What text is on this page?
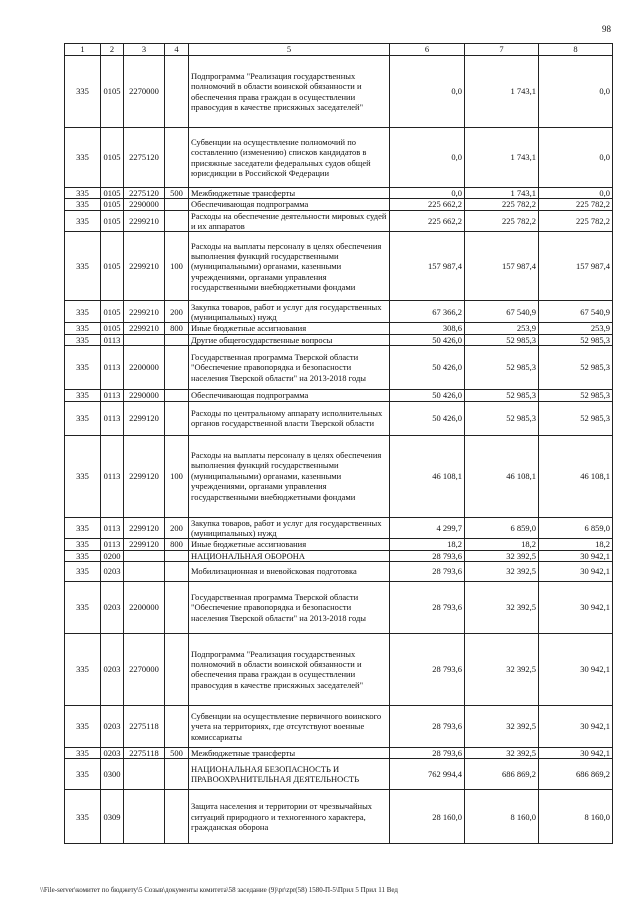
98
1	2	3	4	5	6	7	8
335	0105	2270000		Подпрограмма "Реализация государственных полномочий в области воинской обязанности и обеспечения права граждан в осуществлении правосудия в качестве присяжных заседателей"	0,0	1 743,1	0,0
335	0105	2275120		Субвенции на осуществление полномочий по составлению (изменению) списков кандидатов в присяжные заседатели федеральных судов общей юрисдикции в Российской Федерации	0,0	1 743,1	0,0
335	0105	2275120	500	Межбюджетные трансферты	0,0	1 743,1	0,0
335	0105	2290000		Обеспечивающая подпрограмма	225 662,2	225 782,2	225 782,2
335	0105	2299210		Расходы на обеспечение деятельности мировых судей и их аппаратов	225 662,2	225 782,2	225 782,2
335	0105	2299210	100	Расходы на выплаты персоналу в целях обеспечения выполнения функций государственными (муниципальными) органами, казенными учреждениями, органами управления государственными внебюджетными фондами	157 987,4	157 987,4	157 987,4
335	0105	2299210	200	Закупка товаров, работ и услуг для государственных (муниципальных) нужд	67 366,2	67 540,9	67 540,9
335	0105	2299210	800	Иные бюджетные ассигнования	308,6	253,9	253,9
335	0113			Другие общегосударственные вопросы	50 426,0	52 985,3	52 985,3
335	0113	2200000		Государственная программа Тверской области "Обеспечение правопорядка и безопасности населения Тверской области" на 2013-2018 годы	50 426,0	52 985,3	52 985,3
335	0113	2290000		Обеспечивающая подпрограмма	50 426,0	52 985,3	52 985,3
335	0113	2299120		Расходы по центральному аппарату исполнительных органов государственной власти Тверской области	50 426,0	52 985,3	52 985,3
335	0113	2299120	100	Расходы на выплаты персоналу в целях обеспечения выполнения функций государственными (муниципальными) органами, казенными учреждениями, органами управления государственными внебюджетными фондами	46 108,1	46 108,1	46 108,1
335	0113	2299120	200	Закупка товаров, работ и услуг для государственных (муниципальных) нужд	4 299,7	6 859,0	6 859,0
335	0113	2299120	800	Иные бюджетные ассигнования	18,2	18,2	18,2
335	0200			НАЦИОНАЛЬНАЯ ОБОРОНА	28 793,6	32 392,5	30 942,1
335	0203			Мобилизационная и вневойсковая подготовка	28 793,6	32 392,5	30 942,1
335	0203	2200000		Государственная программа Тверской области "Обеспечение правопорядка и безопасности населения Тверской области" на 2013-2018 годы	28 793,6	32 392,5	30 942,1
335	0203	2270000		Подпрограмма "Реализация государственных полномочий в области воинской обязанности и обеспечения права граждан в осуществлении правосудия в качестве присяжных заседателей"	28 793,6	32 392,5	30 942,1
335	0203	2275118		Субвенции на осуществление первичного воинского учета на территориях, где отсутствуют военные комиссариаты	28 793,6	32 392,5	30 942,1
335	0203	2275118	500	Межбюджетные трансферты	28 793,6	32 392,5	30 942,1
335	0300			НАЦИОНАЛЬНАЯ БЕЗОПАСНОСТЬ И ПРАВООХРАНИТЕЛЬНАЯ ДЕЯТЕЛЬНОСТЬ	762 994,4	686 869,2	686 869,2
335	0309			Защита населения и территории от чрезвычайных ситуаций природного и техногенного характера, гражданская оборона	28 160,0	8 160,0	8 160,0
\\File-server\комитет по бюджету\5 Созыв\документы комитета\58 заседание (9)\pr\zpr(58) 1580-П-5\Прил 5 Прил 11 Вед
